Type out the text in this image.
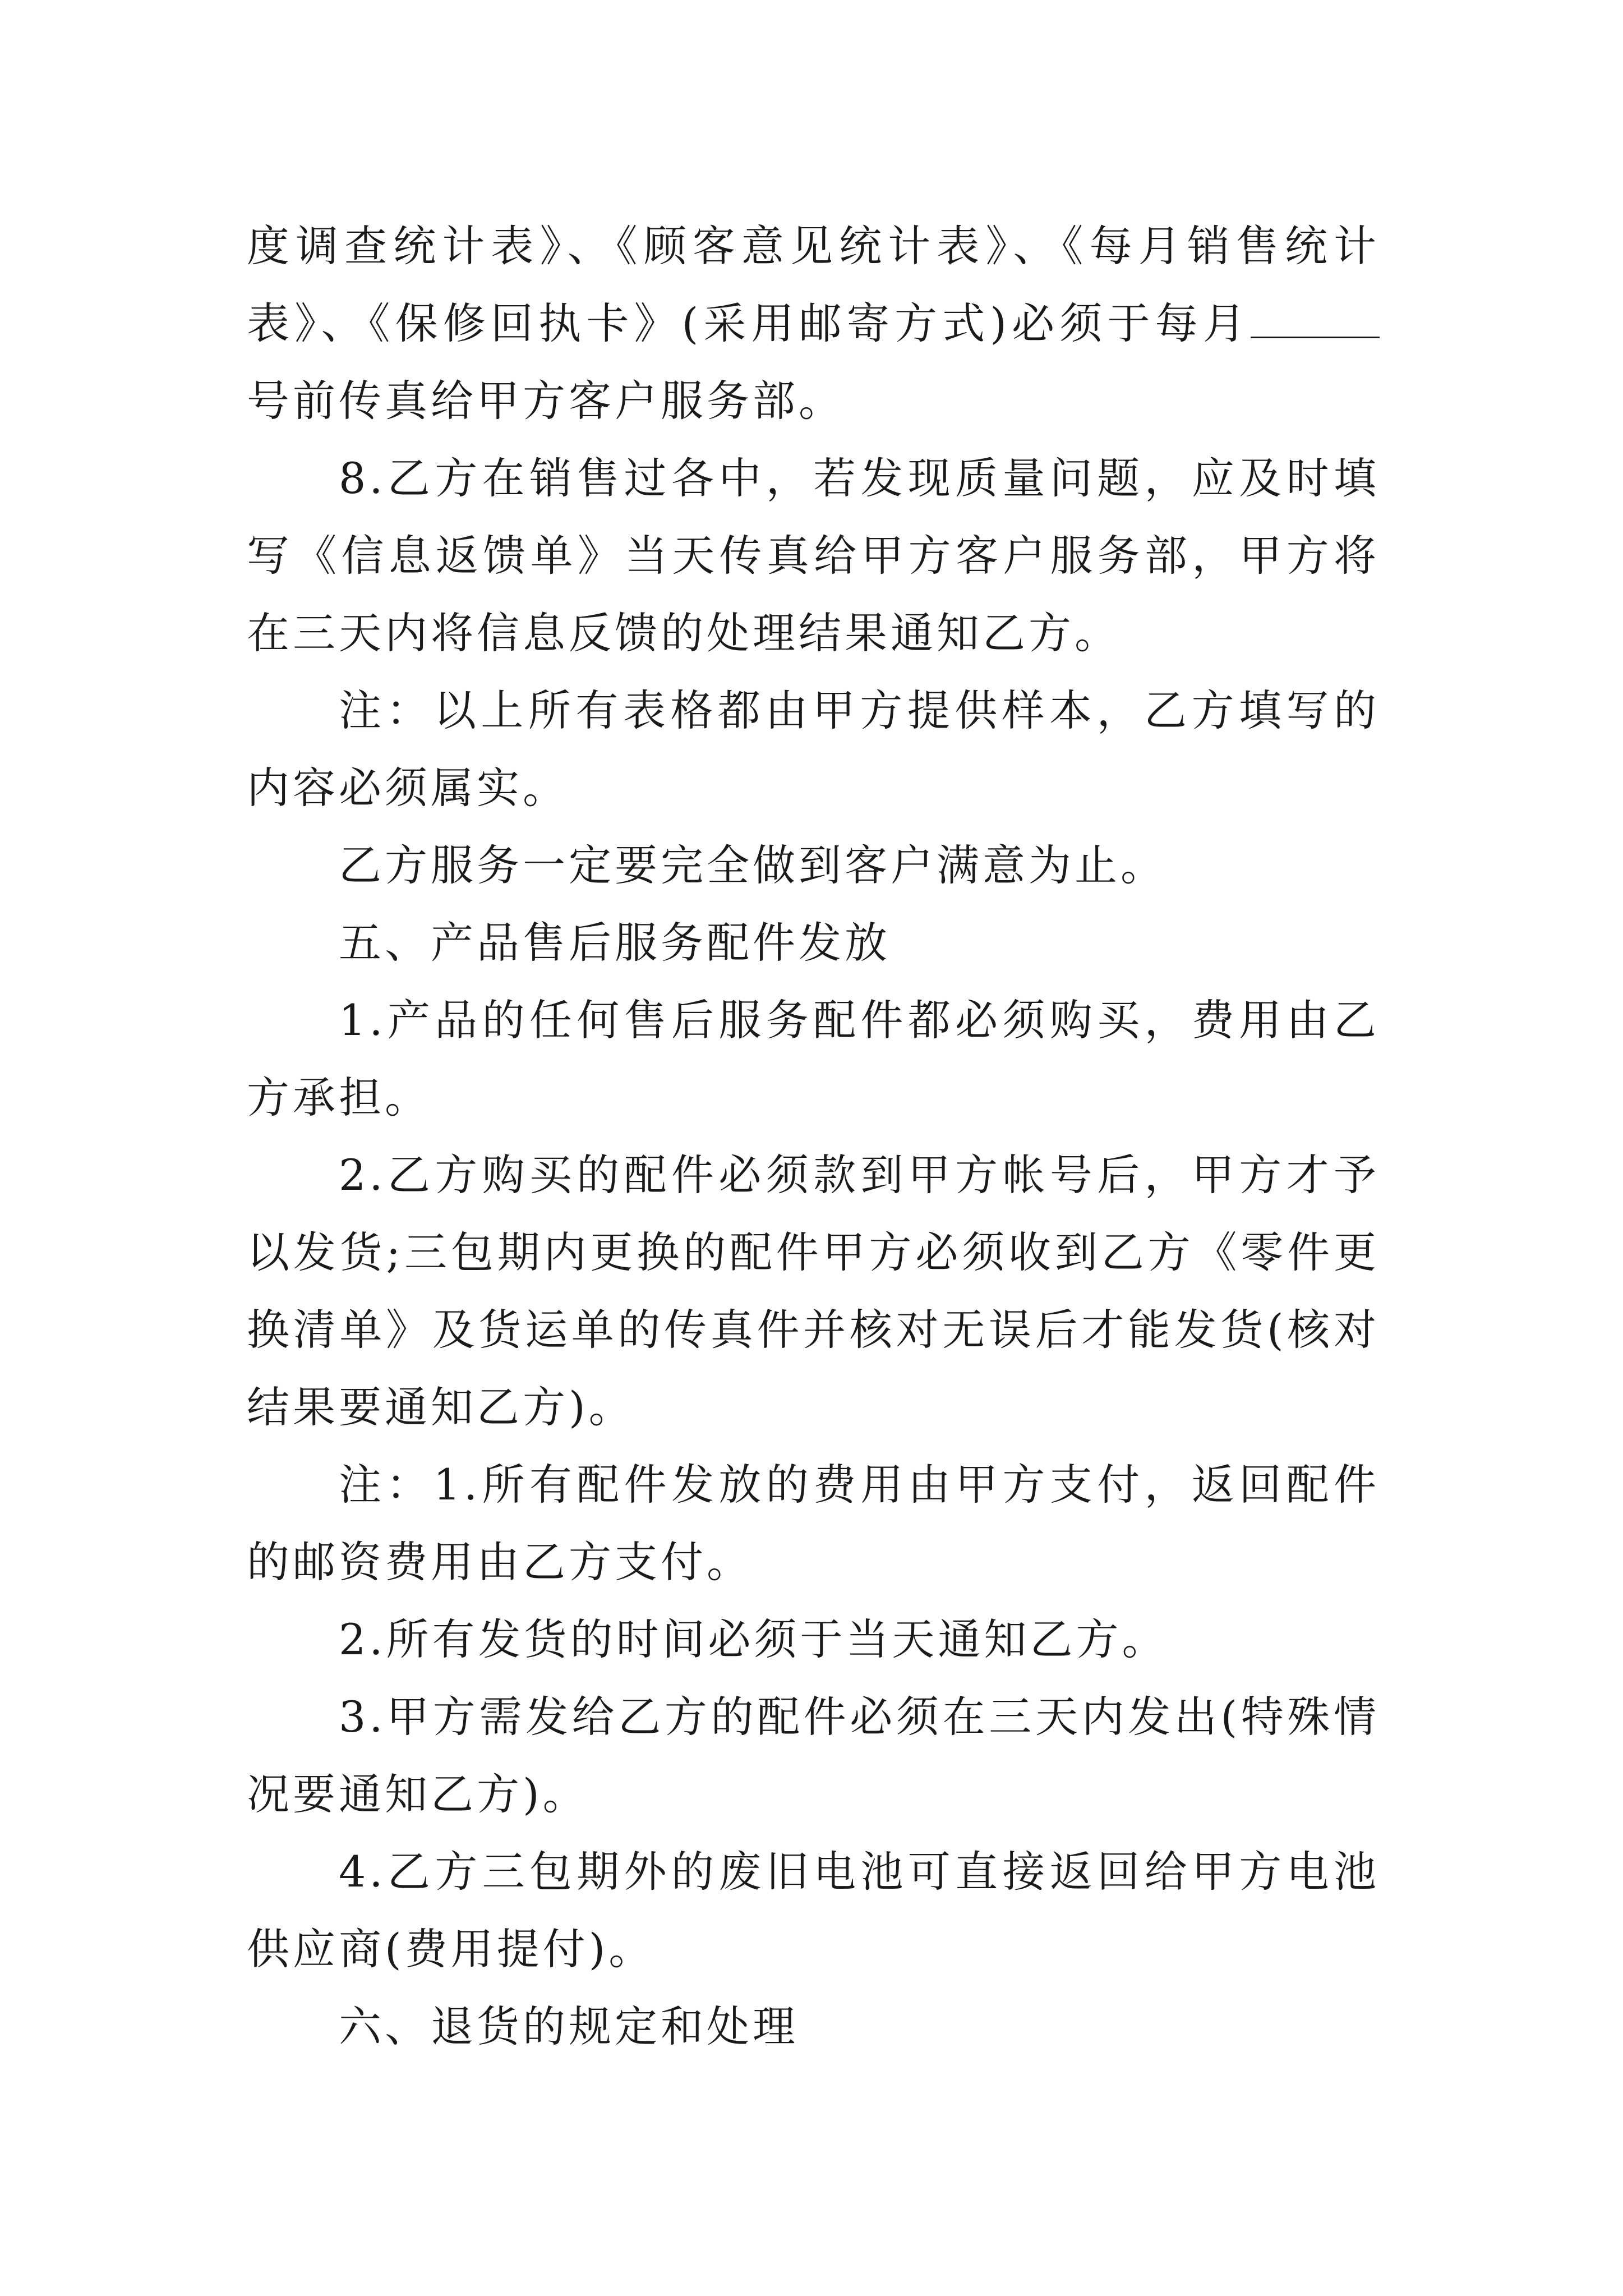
度调查统计表》、《顾客意见统计表》、《每月销售统计表》、《保修回执卡》(采用邮寄方式)必须于每月号前传真给甲方客户服务部。

8.乙方在销售过各中，若发现质量问题，应及时填写《信息返馈单》当天传真给甲方客户服务部，甲方将在三天内将信息反馈的处理结果通知乙方。

注：以上所有表格都由甲方提供样本，乙方填写的内容必须属实。

乙方服务一定要完全做到客户满意为止。

五、产品售后服务配件发放

1.产品的任何售后服务配件都必须购买，费用由乙方承担。

2.乙方购买的配件必须款到甲方帐号后，甲方才予以发货;三包期内更换的配件甲方必须收到乙方《零件更换清单》及货运单的传真件并核对无误后才能发货(核对结果要通知乙方)。

注：1.所有配件发放的费用由甲方支付，返回配件的邮资费用由乙方支付。

2.所有发货的时间必须于当天通知乙方。

3.甲方需发给乙方的配件必须在三天内发出(特殊情况要通知乙方)。

4.乙方三包期外的废旧电池可直接返回给甲方电池供应商(费用提付)。

六、退货的规定和处理
